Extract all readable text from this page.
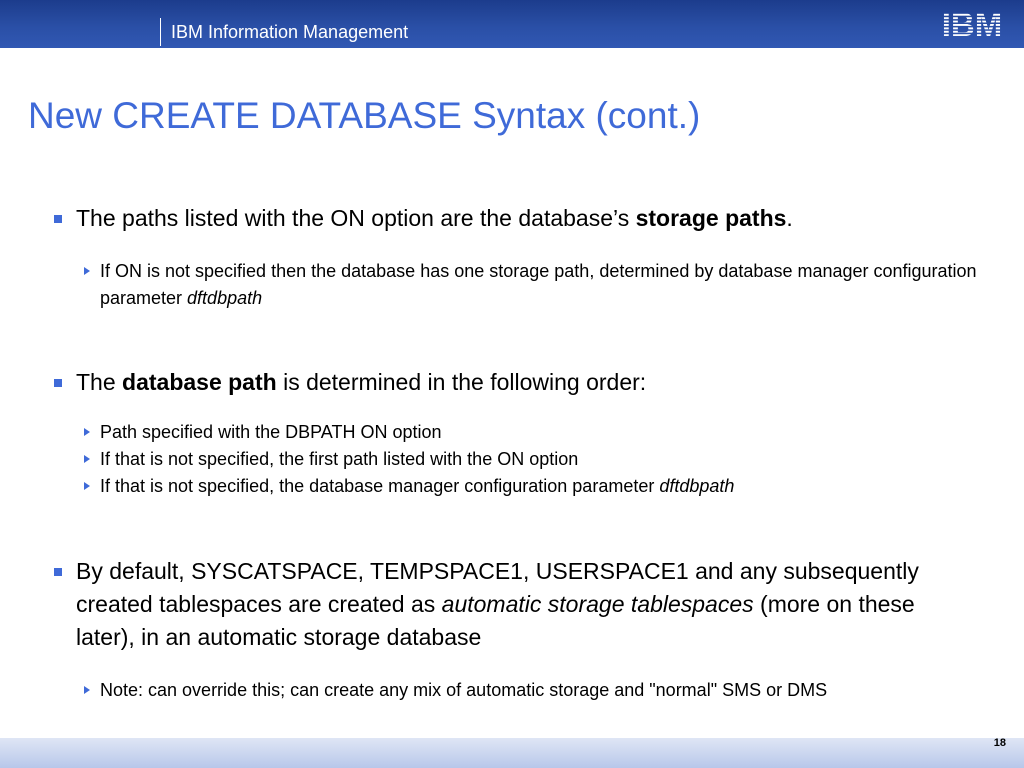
IBM Information Management	IBM
New CREATE DATABASE Syntax (cont.)
The paths listed with the ON option are the database’s storage paths.
If ON is not specified then the database has one storage path, determined by database manager configuration parameter dftdbpath
The database path is determined in the following order:
Path specified with the DBPATH ON option
If that is not specified, the first path listed with the ON option
If that is not specified, the database manager configuration parameter dftdbpath
By default, SYSCATSPACE, TEMPSPACE1, USERSPACE1 and any subsequently created tablespaces are created as automatic storage tablespaces (more on these later), in an automatic storage database
Note: can override this; can create any mix of automatic storage and "normal" SMS or DMS
18
